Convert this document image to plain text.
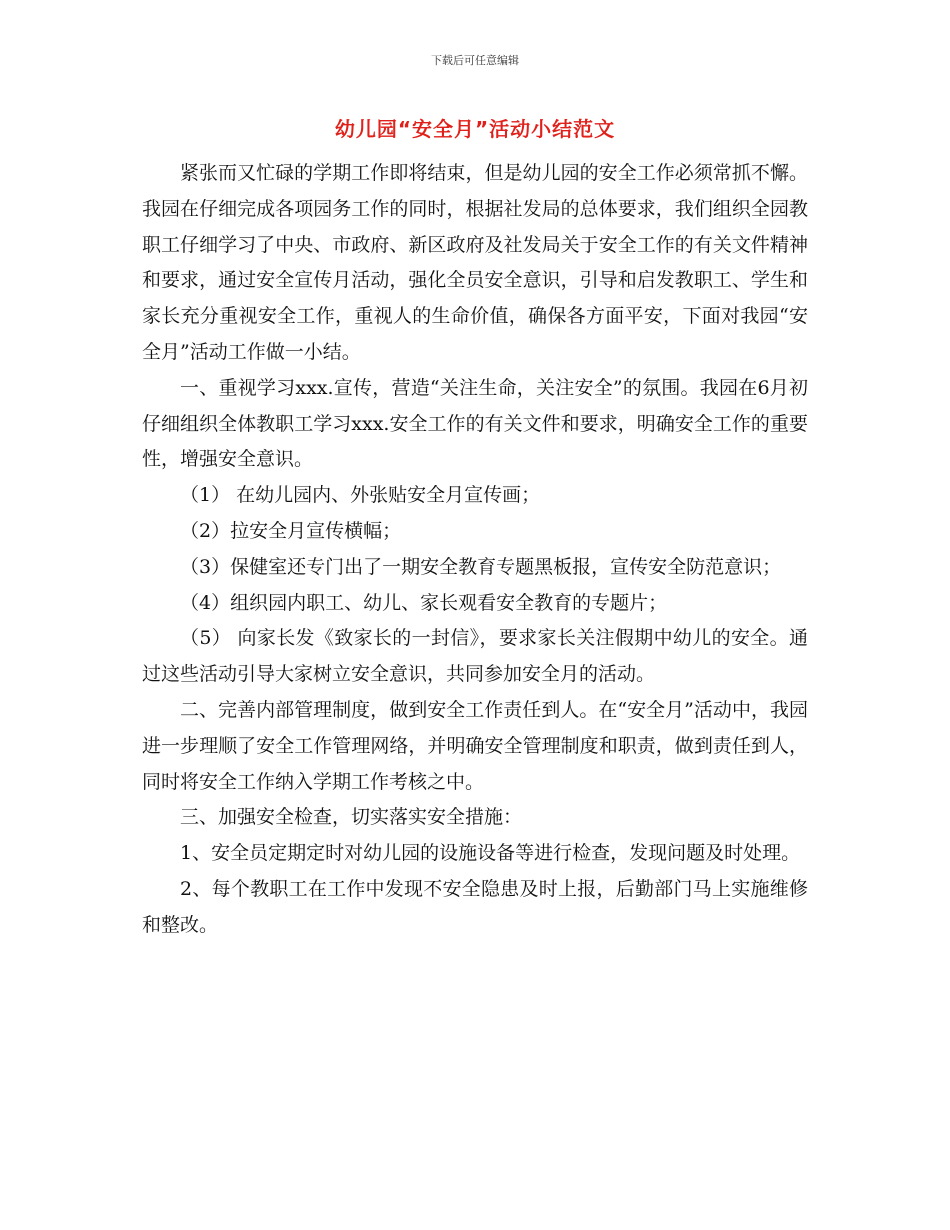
下载后可任意编辑
幼儿园“安全月”活动小结范文

紧张而又忙碌的学期工作即将结束，但是幼儿园的安全工作必须常抓不懈。我园在仔细完成各项园务工作的同时，根据社发局的总体要求，我们组织全园教职工仔细学习了中央、市政府、新区政府及社发局关于安全工作的有关文件精神和要求，通过安全宣传月活动，强化全员安全意识，引导和启发教职工、学生和家长充分重视安全工作，重视人的生命价值，确保各方面平安，下面对我园“安全月”活动工作做一小结。

一、重视学习xxx.宣传，营造“关注生命，关注安全”的氛围。我园在6月初仔细组织全体教职工学习xxx.安全工作的有关文件和要求，明确安全工作的重要性，增强安全意识。

（1） 在幼儿园内、外张贴安全月宣传画；

（2）拉安全月宣传横幅；

（3）保健室还专门出了一期安全教育专题黑板报，宣传安全防范意识；

（4）组织园内职工、幼儿、家长观看安全教育的专题片；

（5） 向家长发《致家长的一封信》，要求家长关注假期中幼儿的安全。通过这些活动引导大家树立安全意识，共同参加安全月的活动。

二、完善内部管理制度，做到安全工作责任到人。在“安全月”活动中，我园进一步理顺了安全工作管理网络，并明确安全管理制度和职责，做到责任到人，同时将安全工作纳入学期工作考核之中。

三、加强安全检查，切实落实安全措施：

1、安全员定期定时对幼儿园的设施设备等进行检查，发现问题及时处理。

2、每个教职工在工作中发现不安全隐患及时上报，后勤部门马上实施维修和整改。
